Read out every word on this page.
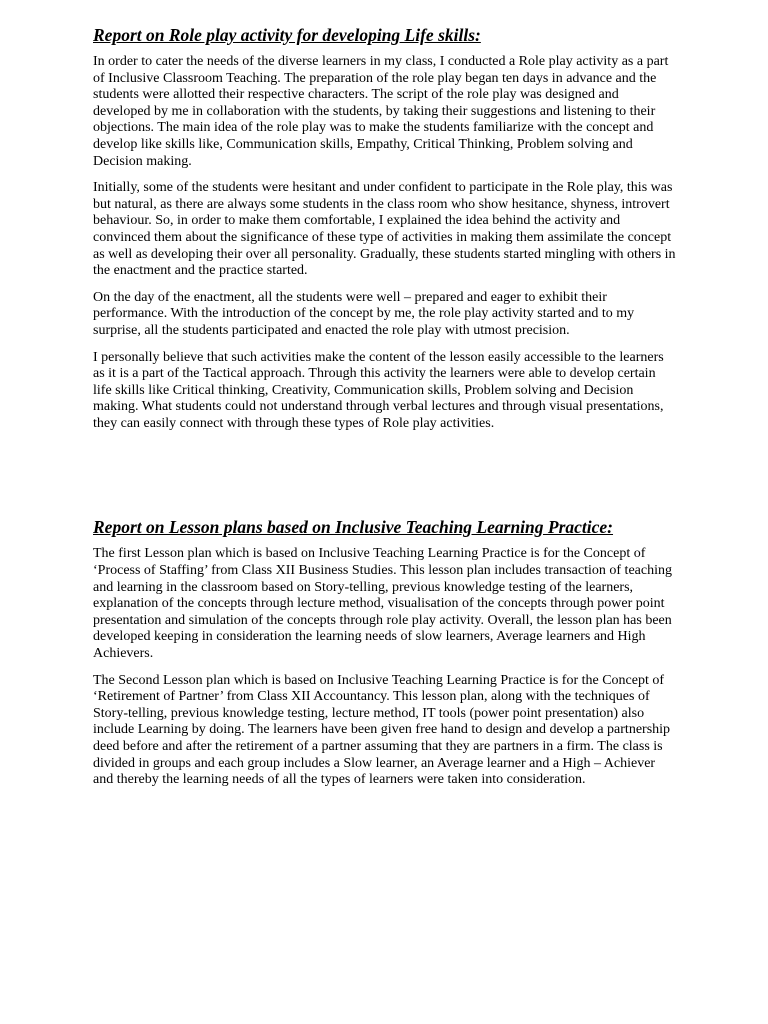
Report on Role play activity for developing Life skills:

In order to cater the needs of the diverse learners in my class, I conducted a Role play activity as a part of Inclusive Classroom Teaching. The preparation of the role play began ten days in advance and the students were allotted their respective characters. The script of the role play was designed and developed by me in collaboration with the students, by taking their suggestions and listening to their objections. The main idea of the role play was to make the students familiarize with the concept and develop like skills like, Communication skills, Empathy, Critical Thinking, Problem solving and Decision making.

Initially, some of the students were hesitant and under confident to participate in the Role play, this was but natural, as there are always some students in the class room who show hesitance, shyness, introvert behaviour. So, in order to make them comfortable, I explained the idea behind the activity and convinced them about the significance of these type of activities in making them assimilate the concept as well as developing their over all personality. Gradually, these students started mingling with others in the enactment and the practice started.

On the day of the enactment, all the students were well – prepared and eager to exhibit their performance. With the introduction of the concept by me, the role play activity started and to my surprise, all the students participated and enacted the role play with utmost precision.

I personally believe that such activities make the content of the lesson easily accessible to the learners as it is a part of the Tactical approach. Through this activity the learners were able to develop certain life skills like Critical thinking, Creativity, Communication skills, Problem solving and Decision making. What students could not understand through verbal lectures and through visual presentations, they can easily connect with through these types of Role play activities.

Report on Lesson plans based on Inclusive Teaching Learning Practice:

The first Lesson plan which is based on Inclusive Teaching Learning Practice is for the Concept of ‘Process of Staffing’ from Class XII Business Studies. This lesson plan includes transaction of teaching and learning in the classroom based on Story-telling, previous knowledge testing of the learners, explanation of the concepts through lecture method, visualisation of the concepts through power point presentation and simulation of the concepts through role play activity. Overall, the lesson plan has been developed keeping in consideration the learning needs of slow learners, Average learners and High Achievers.

The Second Lesson plan which is based on Inclusive Teaching Learning Practice is for the Concept of ‘Retirement of Partner’ from Class XII Accountancy. This lesson plan, along with the techniques of Story-telling, previous knowledge testing, lecture method, IT tools (power point presentation) also include Learning by doing. The learners have been given free hand to design and develop a partnership deed before and after the retirement of a partner assuming that they are partners in a firm. The class is divided in groups and each group includes a Slow learner, an Average learner and a High – Achiever and thereby the learning needs of all the types of learners were taken into consideration.
